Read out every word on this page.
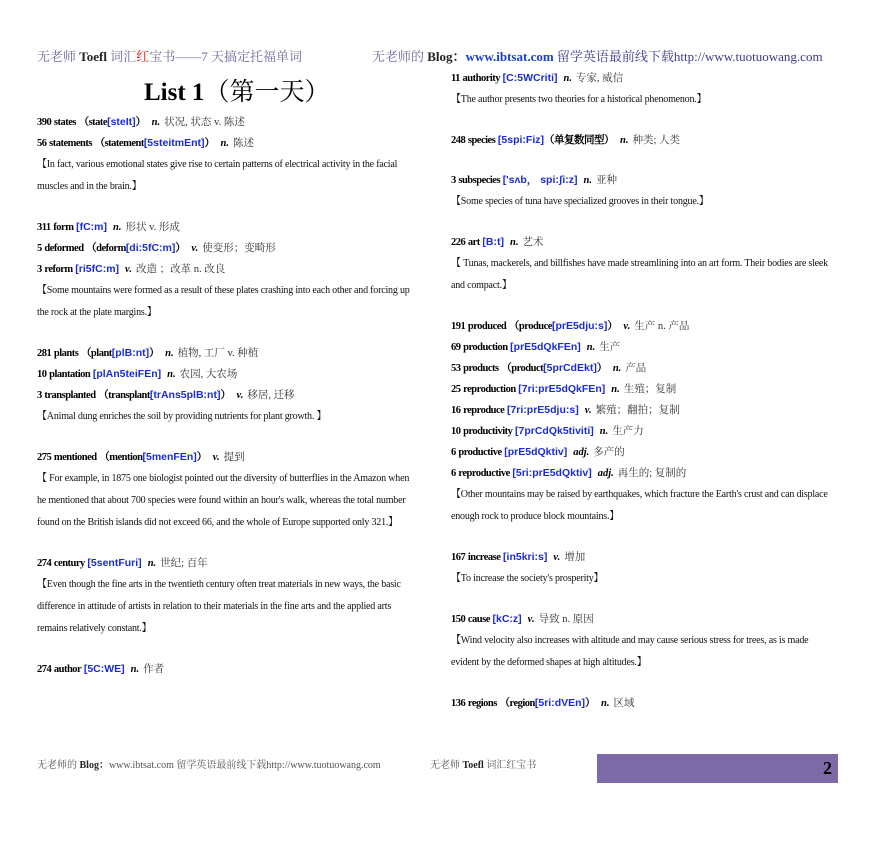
无老师 Toefl 词汇红宝书——7 天搞定托福单词	无老师的 Blog：www.ibtsat.com 留学英语最前线下载http://www.tuotuowang.com
List 1（第一天）
390 states （state[steIt]） n. 状况, 状态 v. 陈述
56 statements （statement[5steitmEnt]） n. 陈述
【In fact, various emotional states give rise to certain patterns of electrical activity in the facial muscles and in the brain.】
311 form [fC:m] n. 形状 v. 形成
5 deformed （deform[di:5fC:m]） v. 使变形；变畸形
3 reform [ri5fC:m] v. 改造 ；改革 n. 改良
【Some mountains were formed as a result of these plates crashing into each other and forcing up the rock at the plate margins.】
281 plants （plant[plB:nt]） n. 植物, 工厂 v. 种植
10 plantation [plAn5teiFEn] n. 农园, 大农场
3 transplanted （transplant[trAns5plB:nt]） v. 移居, 迁移
【Animal dung enriches the soil by providing nutrients for plant growth. 】
275 mentioned （mention[5menFEn]） v. 提到
【 For example, in 1875 one biologist pointed out the diversity of butterflies in the Amazon when he mentioned that about 700 species were found within an hour's walk, whereas the total number found on the British islands did not exceed 66, and the whole of Europe supported only 321.】
274 century [5sentFuri] n. 世纪; 百年
【Even though the fine arts in the twentieth century often treat materials in new ways, the basic difference in attitude of artists in relation to their materials in the fine arts and the applied arts remains relatively constant.】
274 author [5C:WE] n. 作者
11 authority [C:5WCriti] n. 专家, 威信
【The author presents two theories for a historical phenomenon.】
248 species [5spi:Fiz]（单复数同型） n. 种类; 人类
3 subspecies ['sʌb， spi:ʃi:z] n. 亚种
【Some species of tuna have specialized grooves in their tongue.】
226 art [B:t] n. 艺术
【 Tunas, mackerels, and billfishes have made streamlining into an art form. Their bodies are sleek and compact.】
191 produced （produce[prE5dju:s]） v. 生产 n. 产品
69 production [prE5dQkFEn] n. 生产
53 products （product[5prCdEkt]） n. 产品
25 reproduction [7ri:prE5dQkFEn] n. 生殖；复制
16 reproduce [7ri:prE5dju:s] v. 繁殖；翻拍；复制
10 productivity [7prCdQk5tiviti] n. 生产力
6 productive [prE5dQktiv] adj. 多产的
6 reproductive [5ri:prE5dQktiv] adj. 再生的; 复制的
【Other mountains may be raised by earthquakes, which fracture the Earth's crust and can displace enough rock to produce block mountains.】
167 increase [in5kri:s] v. 增加
【To increase the society's prosperity】
150 cause [kC:z] v. 导致 n. 原因
【Wind velocity also increases with altitude and may cause serious stress for trees, as is made evident by the deformed shapes at high altitudes.】
136 regions （region[5ri:dVEn]） n. 区域
无老师的 Blog：www.ibtsat.com 留学英语最前线下载http://www.tuotuowang.com	无老师 Toefl 词汇红宝书	2
